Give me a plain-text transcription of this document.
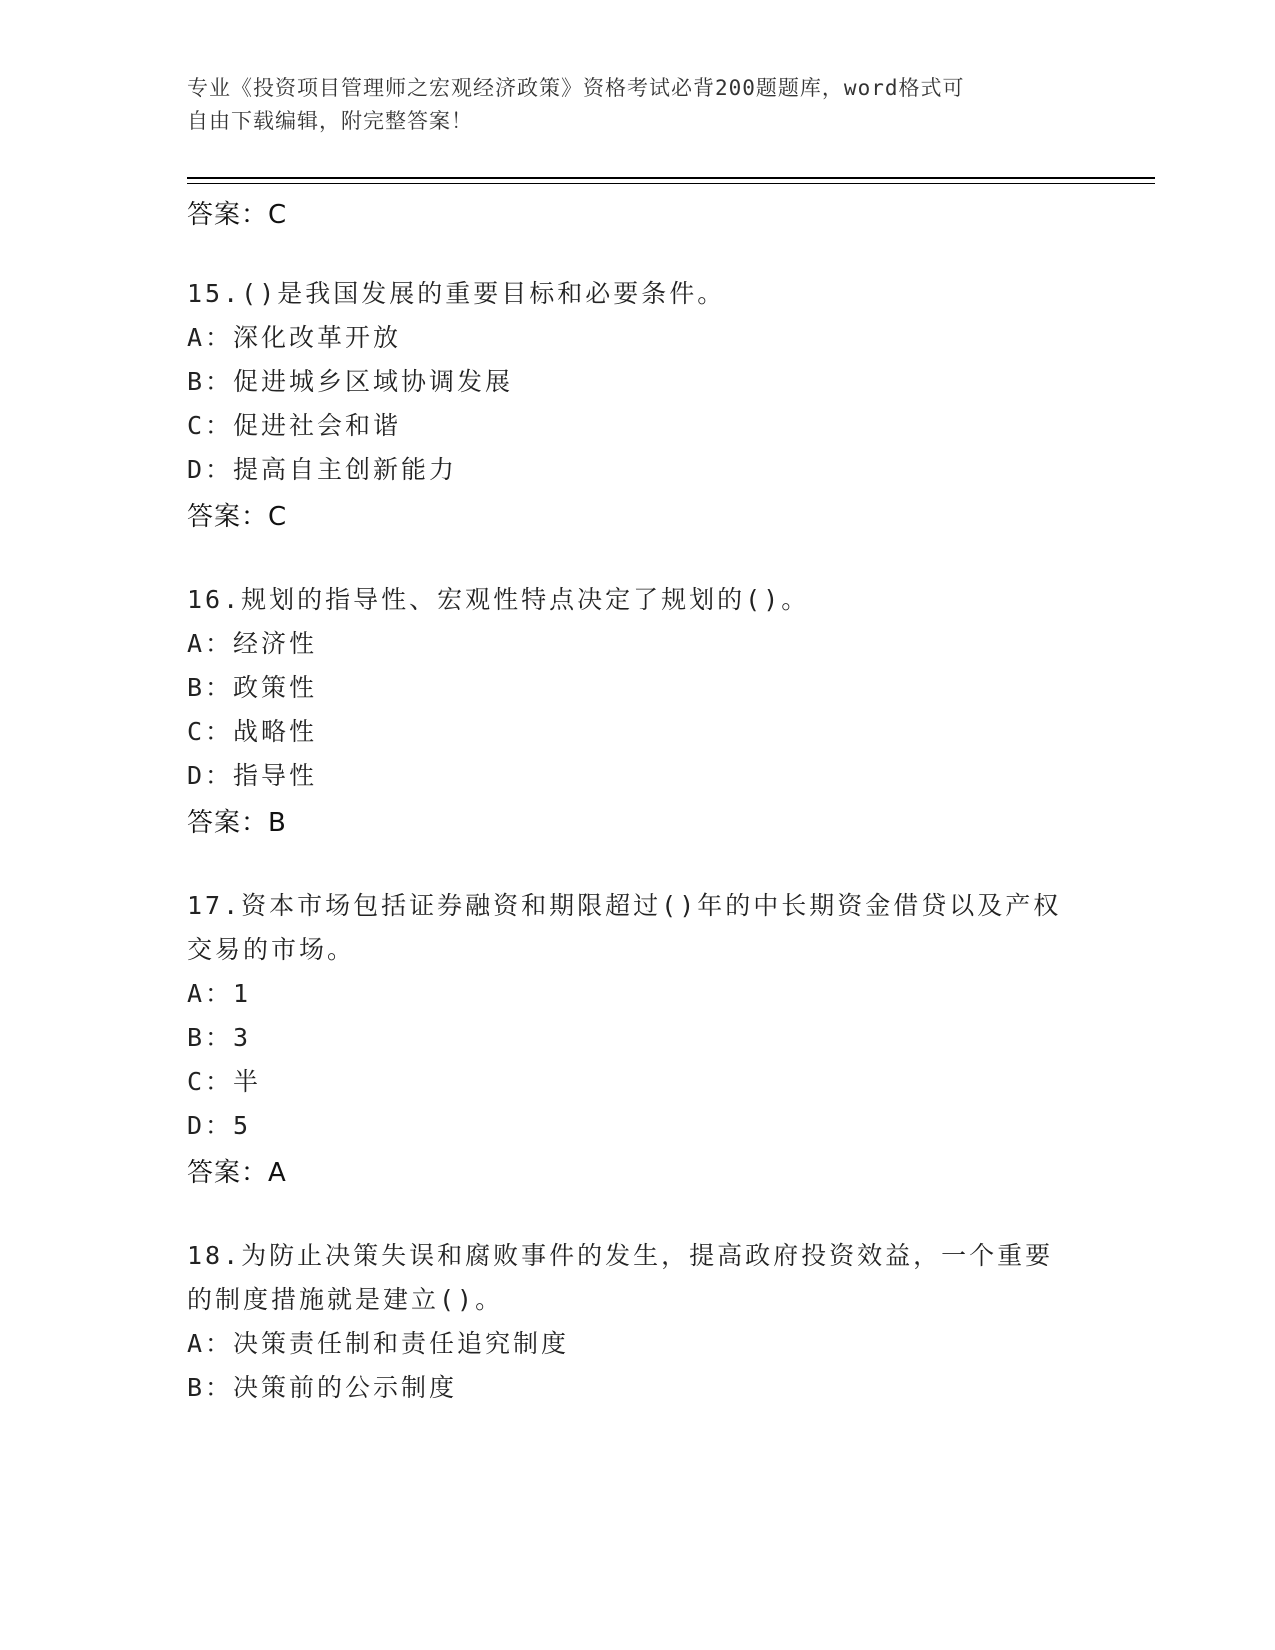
专业《投资项目管理师之宏观经济政策》资格考试必背200题题库，word格式可
自由下载编辑，附完整答案！
答案：C
15.()是我国发展的重要目标和必要条件。
A：深化改革开放
B：促进城乡区域协调发展
C：促进社会和谐
D：提高自主创新能力
答案：C
16.规划的指导性、宏观性特点决定了规划的()。
A：经济性
B：政策性
C：战略性
D：指导性
答案：B
17.资本市场包括证券融资和期限超过()年的中长期资金借贷以及产权
交易的市场。
A：1
B：3
C：半
D：5
答案：A
18.为防止决策失误和腐败事件的发生，提高政府投资效益，一个重要
的制度措施就是建立()。
A：决策责任制和责任追究制度
B：决策前的公示制度
